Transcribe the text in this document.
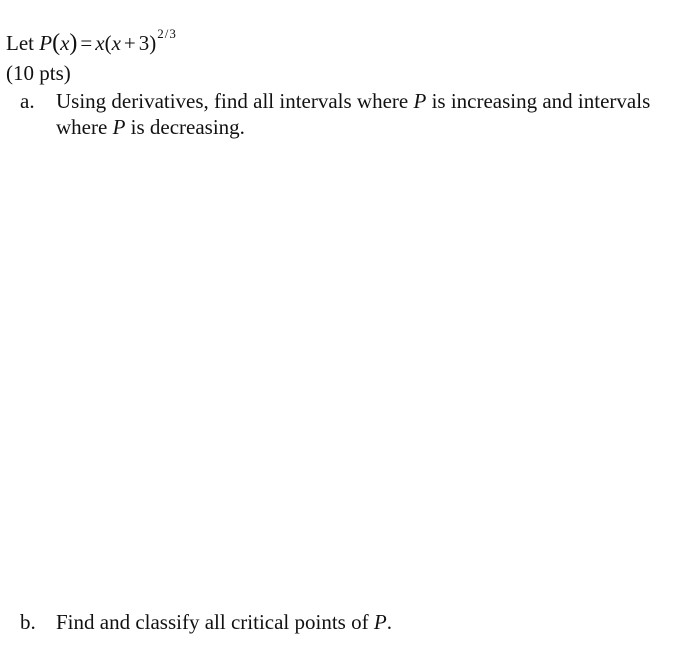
Let $P(x) = x(x + 3)^{2/3}$
(10 pts)
a. Using derivatives, find all intervals where P is increasing and intervals
where P is decreasing.
b. Find and classify all critical points of P.
